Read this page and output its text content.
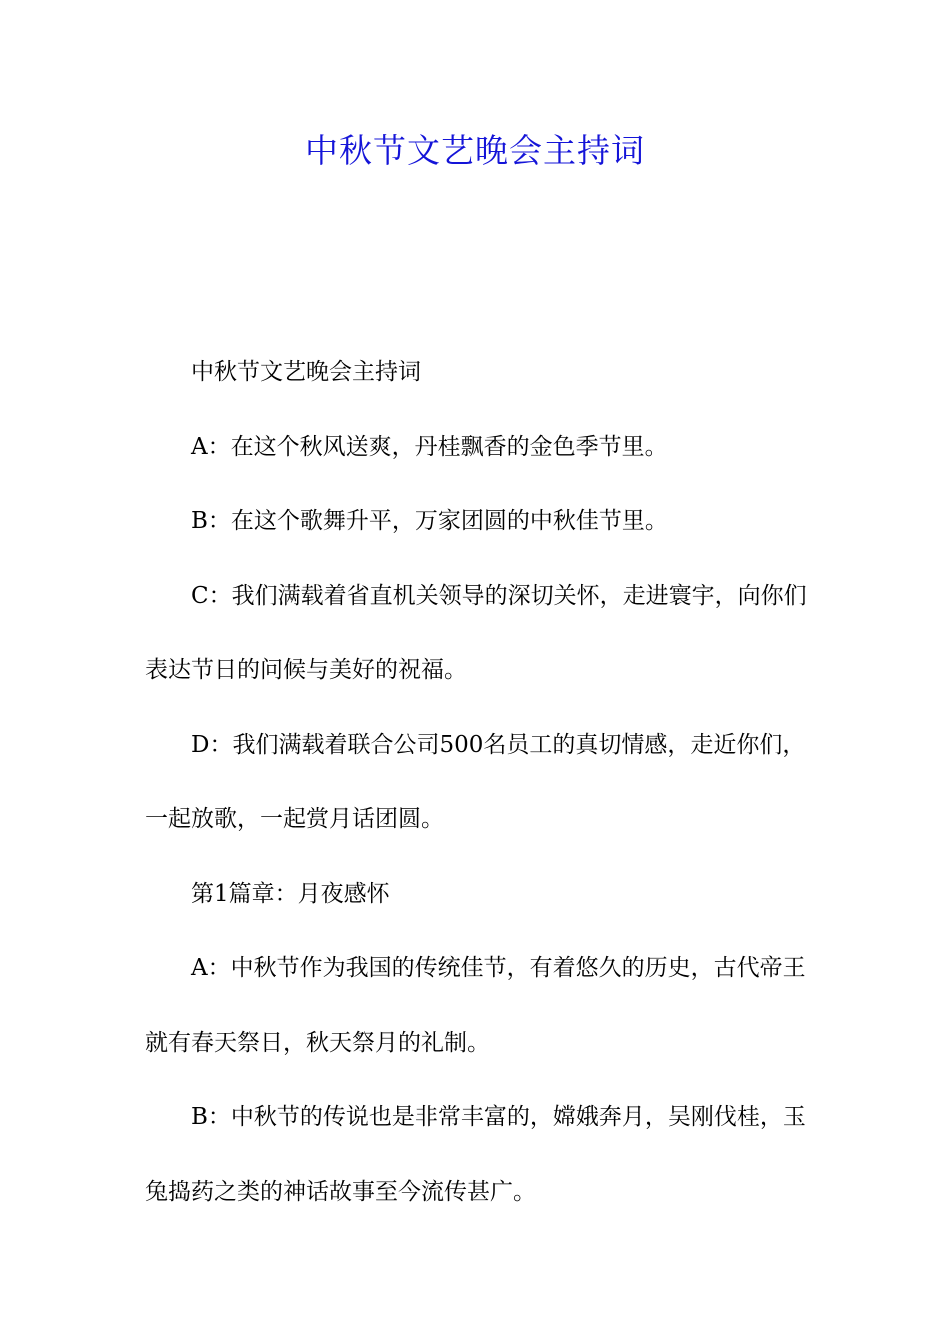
中秋节文艺晚会主持词

中秋节文艺晚会主持词

A：在这个秋风送爽，丹桂飘香的金色季节里。

B：在这个歌舞升平，万家团圆的中秋佳节里。

C：我们满载着省直机关领导的深切关怀，走进寰宇，向你们表达节日的问候与美好的祝福。

D：我们满载着联合公司500名员工的真切情感，走近你们，一起放歌，一起赏月话团圆。

第1篇章：月夜感怀

A：中秋节作为我国的传统佳节，有着悠久的历史，古代帝王就有春天祭日，秋天祭月的礼制。

B：中秋节的传说也是非常丰富的，嫦娥奔月，吴刚伐桂，玉兔捣药之类的神话故事至今流传甚广。
